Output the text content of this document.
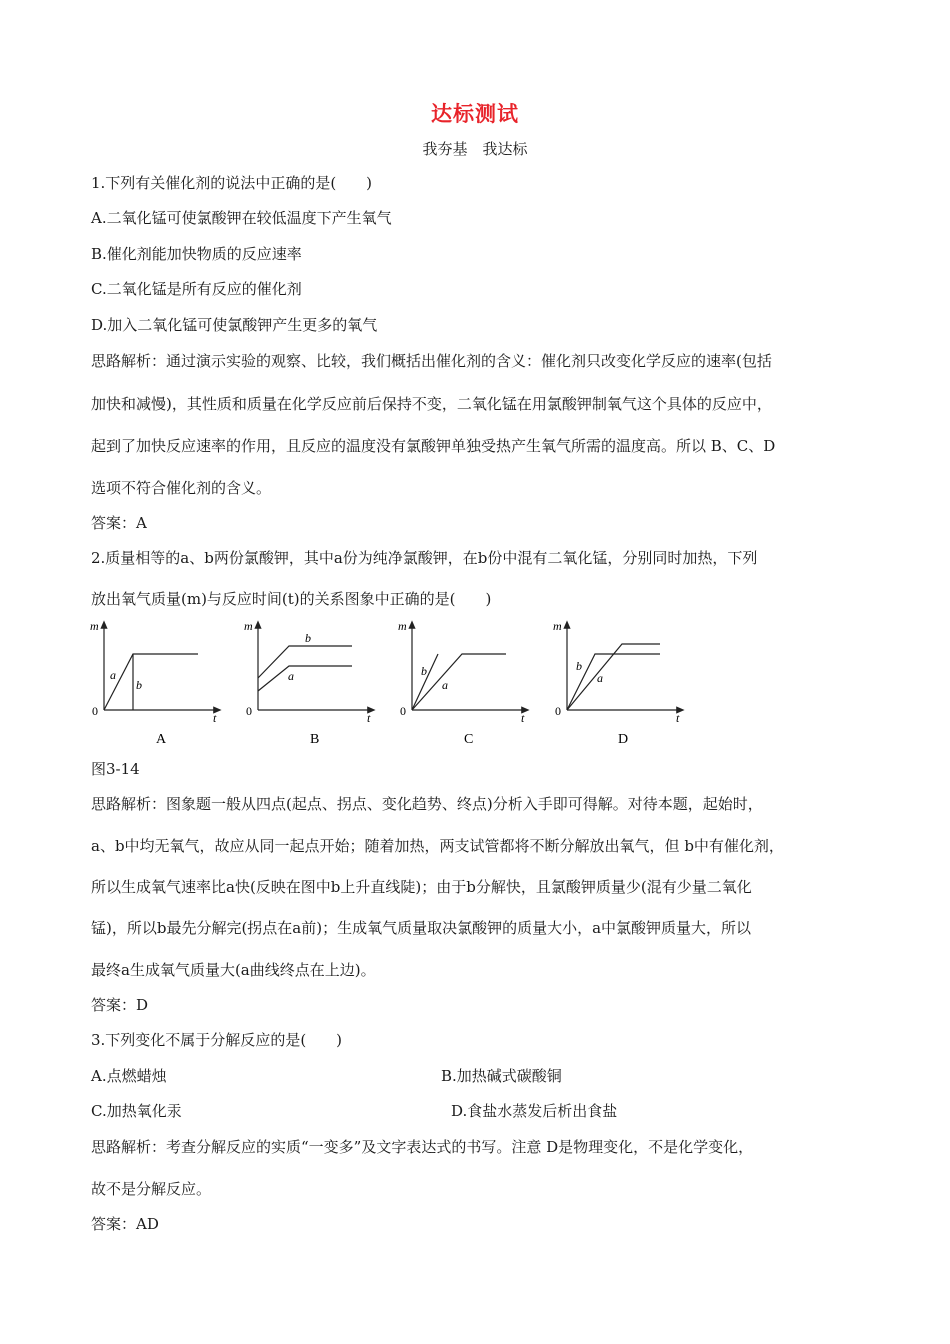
达标测试
我夯基　我达标
1.下列有关催化剂的说法中正确的是(　　)
A.二氧化锰可使氯酸钾在较低温度下产生氧气
B.催化剂能加快物质的反应速率
C.二氧化锰是所有反应的催化剂
D.加入二氧化锰可使氯酸钾产生更多的氧气
思路解析：通过演示实验的观察、比较，我们概括出催化剂的含义：催化剂只改变化学反应的速率(包括
加快和减慢)，其性质和质量在化学反应前后保持不变，二氧化锰在用氯酸钾制氧气这个具体的反应中，
起到了加快反应速率的作用，且反应的温度没有氯酸钾单独受热产生氧气所需的温度高。所以 B、C、D
选项不符合催化剂的含义。
答案：A
2.质量相等的a、b两份氯酸钾，其中a份为纯净氯酸钾，在b份中混有二氧化锰，分别同时加热，下列
放出氧气质量(m)与反应时间(t)的关系图象中正确的是(　　)
m
t
0
a
b
A
m
t
0
b
a
B
m
t
0
b
a
C
m
t
0
b
a
D
图3-14
思路解析：图象题一般从四点(起点、拐点、变化趋势、终点)分析入手即可得解。对待本题，起始时，
a、b中均无氧气，故应从同一起点开始；随着加热，两支试管都将不断分解放出氧气，但 b中有催化剂，
所以生成氧气速率比a快(反映在图中b上升直线陡)；由于b分解快，且氯酸钾质量少(混有少量二氧化
锰)，所以b最先分解完(拐点在a前)；生成氧气质量取决氯酸钾的质量大小，a中氯酸钾质量大，所以
最终a生成氧气质量大(a曲线终点在上边)。
答案：D
3.下列变化不属于分解反应的是(　　)
A.点燃蜡烛	B.加热碱式碳酸铜
C.加热氧化汞	D.食盐水蒸发后析出食盐
思路解析：考查分解反应的实质“一变多”及文字表达式的书写。注意 D是物理变化，不是化学变化，
故不是分解反应。
答案：AD
